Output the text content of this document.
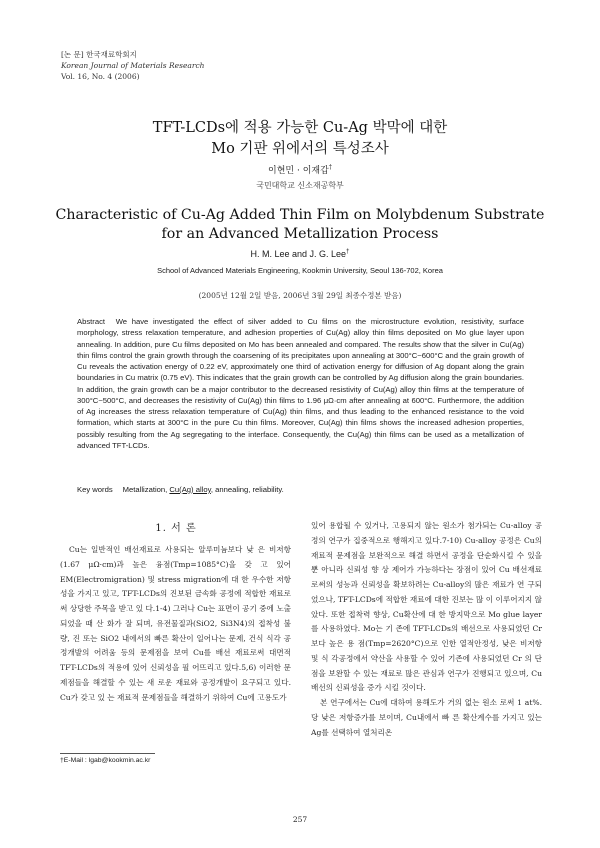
[논 문] 한국재료학회지
Korean Journal of Materials Research
Vol. 16, No. 4 (2006)
TFT-LCDs에 적용 가능한 Cu-Ag 박막에 대한
Mo 기판 위에서의 특성조사
이현민 · 이재갑†
국민대학교 신소재공학부
Characteristic of Cu-Ag Added Thin Film on Molybdenum Substrate
for an Advanced Metallization Process
H. M. Lee and J. G. Lee†
School of Advanced Materials Engineering, Kookmin University, Seoul 136-702, Korea
(2005년 12월 2일 받음, 2006년 3월 29일 최종수정본 받음)
Abstract We have investigated the effect of silver added to Cu films on the microstructure evolution, resistivity, surface morphology, stress relaxation temperature, and adhesion properties of Cu(Ag) alloy thin films deposited on Mo glue layer upon annealing. In addition, pure Cu films deposited on Mo has been annealed and compared. The results show that the silver in Cu(Ag) thin films control the grain growth through the coarsening of its precipitates upon annealing at 300°C~600°C and the grain growth of Cu reveals the activation energy of 0.22 eV, approximately one third of activation energy for diffusion of Ag dopant along the grain boundaries in Cu matrix (0.75 eV). This indicates that the grain growth can be controlled by Ag diffusion along the grain boundaries. In addition, the grain growth can be a major contributor to the decreased resistivity of Cu(Ag) alloy thin films at the temperature of 300°C~500°C, and decreases the resistivity of Cu(Ag) thin films to 1.96 μΩ·cm after annealing at 600°C. Furthermore, the addition of Ag increases the stress relaxation temperature of Cu(Ag) thin films, and thus leading to the enhanced resistance to the void formation, which starts at 300°C in the pure Cu thin films. Moreover, Cu(Ag) thin films shows the increased adhesion properties, possibly resulting from the Ag segregating to the interface. Consequently, the Cu(Ag) thin films can be used as a metallization of advanced TFT-LCDs.
Key words Metallization, Cu(Ag) alloy, annealing, reliability.
1. 서 론

Cu는 일반적인 배선재료로 사용되는 알루미늄보다 낮 은 비저항(1.67 μΩ·cm)과 높은 융점(Tmp=1085°C)을 갖 고 있어 EM(Electromigration) 및 stress migration에 대 한 우수한 저항성을 가지고 있고, TFT-LCDs의 진보된 금속화 공정에 적합한 재료로써 상당한 주목을 받고 있 다.1-4) 그러나 Cu는 표면이 공기 중에 노출되었을 때 산 화가 잘 되며, 유전물질과(SiO2, Si3N4)의 접착성 불량, 진 또는 SiO2 내에서의 빠른 확산이 일어나는 문제, 건식 식각 공정개발의 어려움 등의 문제점을 보여 Cu를 배선 재료로써 대면적 TFT-LCDs의 적용에 있어 신뢰성을 필 어뜨리고 있다.5,6) 이러한 문제점들을 해결할 수 있는 새 로운 재료와 공정개발이 요구되고 있다. Cu가 갖고 있 는 재료적 문제점들을 해결하기 위하여 Cu에 고용도가

있어 용합될 수 있거나, 고용되지 않는 원소가 첨가되는 Cu-alloy 공정의 연구가 집중적으로 행해지고 있다.7-10) Cu-alloy 공정은 Cu의 재료적 문제점을 보완적으로 해결 하면서 공정을 단순화시킬 수 있을 뿐 아니라 신뢰성 향 상 제어가 가능하다는 장점이 있어 Cu 배선재료로써의 성능과 신뢰성을 확보하려는 Cu-alloy의 많은 재료가 연 구되었으나, TFT-LCDs에 적합한 재료에 대한 진보는 많 이 이루어지지 않았다. 또한 접착력 향상, Cu확산에 대 한 방지막으로 Mo glue layer를 사용하였다. Mo는 기 존에 TFT-LCDs의 배선으로 사용되었던 Cr보다 높은 용 점(Tmp=2620°C)으로 인한 열적안정성, 낮은 비저항 및 식 각공정에서 약산을 사용할 수 있어 기존에 사용되었던 Cr 의 단점을 보완할 수 있는 재료로 많은 관심과 연구가 진행되고 있으며, Cu 배선의 신뢰성을 증가 시킬 것이다.

본 연구에서는 Cu에 대하여 용해도가 거의 없는 원소 로써 1 at%. 당 낮은 저항증가를 보이며, Cu내에서 빠 른 확산계수를 가지고 있는 Ag를 선택하여 열처리온

†E-Mail : lgab@kookmin.ac.kr
257
